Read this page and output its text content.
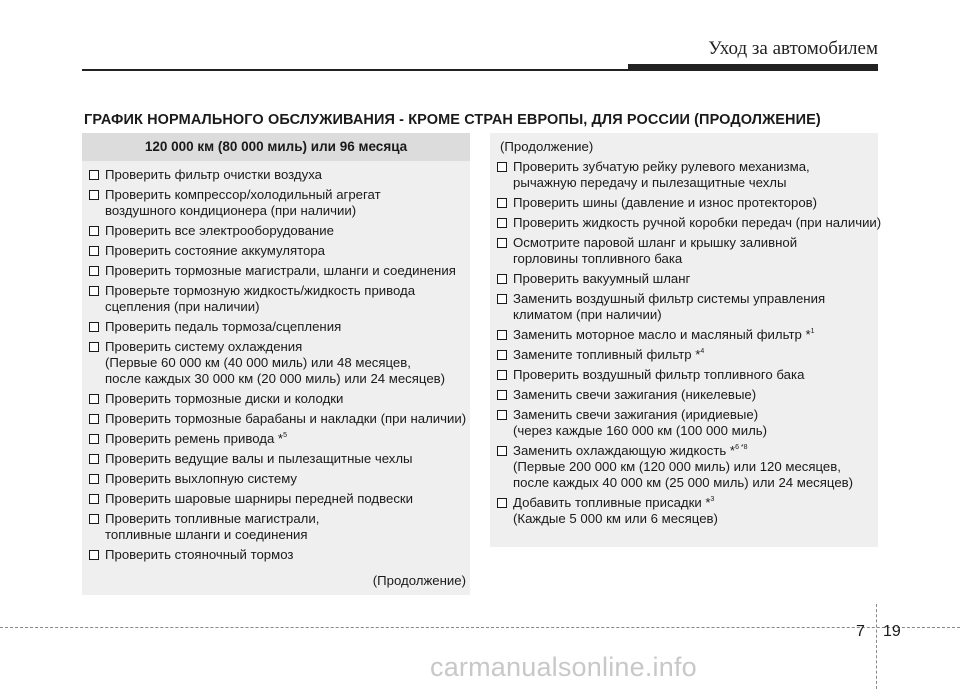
Уход за автомобилем
ГРАФИК НОРМАЛЬНОГО ОБСЛУЖИВАНИЯ - КРОМЕ СТРАН ЕВРОПЫ, ДЛЯ РОССИИ (ПРОДОЛЖЕНИЕ)
120 000 км (80 000 миль) или 96 месяца
Проверить фильтр очистки воздуха
Проверить компрессор/холодильный агрегат
воздушного кондиционера (при наличии)
Проверить все электрооборудование
Проверить состояние аккумулятора
Проверить тормозные магистрали, шланги и соединения
Проверьте тормозную жидкость/жидкость привода
сцепления (при наличии)
Проверить педаль тормоза/сцепления
Проверить систему охлаждения
(Первые 60 000 км (40 000 миль) или 48 месяцев,
после каждых 30 000 км (20 000 миль) или 24 месяцев)
Проверить тормозные диски и колодки
Проверить тормозные барабаны и накладки (при наличии)
Проверить ремень привода *$^5$
Проверить ведущие валы и пылезащитные чехлы
Проверить выхлопную систему
Проверить шаровые шарниры передней подвески
Проверить топливные магистрали,
топливные шланги и соединения
Проверить стояночный тормоз
(Продолжение)
(Продолжение)
Проверить зубчатую рейку рулевого механизма,
рычажную передачу и пылезащитные чехлы
Проверить шины (давление и износ протекторов)
Проверить жидкость ручной коробки передач (при наличии)
Осмотрите паровой шланг и крышку заливной
горловины топливного бака
Проверить вакуумный шланг
Заменить воздушный фильтр системы управления
климатом (при наличии)
Заменить моторное масло и масляный фильтр *$^1$
Замените топливный фильтр *$^4$
Проверить воздушный фильтр топливного бака
Заменить свечи зажигания (никелевые)
Заменить свечи зажигания (иридиевые)
(через каждые 160 000 км (100 000 миль)
Заменить охлаждающую жидкость *$^{6 *8}$
(Первые 200 000 км (120 000 миль) или 120 месяцев,
после каждых 40 000 км (25 000 миль) или 24 месяцев)
Добавить топливные присадки *$^3$
(Каждые 5 000 км или 6 месяцев)
7 19
carmanualsonline.info
